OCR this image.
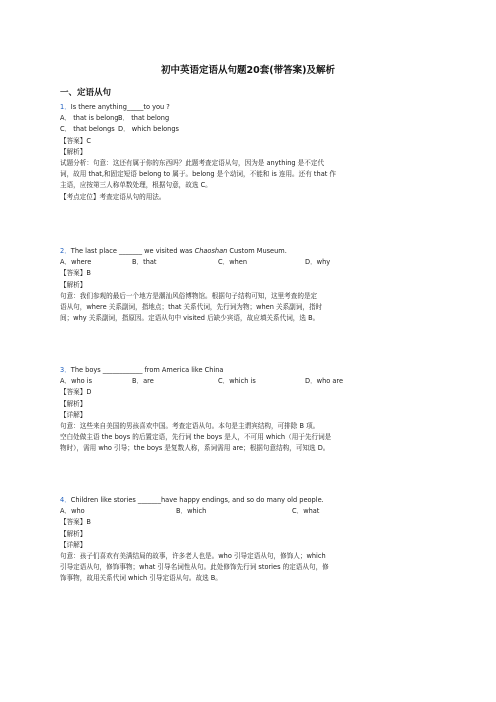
初中英语定语从句题20套(带答案)及解析
一、定语从句
1．Is there anything_____to you ?
A． that is belongB． that belong
C． that belongs D． which belongs
【答案】C
【解析】
试题分析：句意：这还有属于你的东西吗？此题考查定语从句，因为是 anything 是不定代
词，故用 that,和固定短语 belong to 属于。belong 是个动词，不能和 is 连用。还有 that 作
主语，应按第三人称单数处理，根据句意，故选 C。
【考点定位】考查定语从句的用法。
2．The last place _______ we visited was Chaoshan Custom Museum.
A．where	B．that	C．when	D．why
【答案】B
【解析】
句意：我们参观的最后一个地方是潮汕风俗博物馆。根据句子结构可知，这里考查的是定
语从句，where 关系副词，指地点；that 关系代词，先行词为物；when 关系副词，指时
间；why 关系副词，指原因。定语从句中 visited 后缺少宾语，故应填关系代词，选 B。
3．The boys ____________ from America like China
A．who is	B．are	C．which is	D．who are
【答案】D
【解析】
【详解】
句意：这些来自美国的男孩喜欢中国。考查定语从句。本句是主谓宾结构，可排除 B 项。
空白处做主语 the boys 的后置定语，先行词 the boys 是人，不可用 which（用于先行词是
物时），需用 who 引导；the boys 是复数人称，系词需用 are；根据句意结构，可知选 D。
4．Children like stories _______have happy endings, and so do many old people.
A．who	B．which	C．what
【答案】B
【解析】
【详解】
句意：孩子们喜欢有美满结局的故事，许多老人也是。who 引导定语从句，修饰人；which
引导定语从句，修饰事物；what 引导名词性从句。此处修饰先行词 stories 的定语从句，修
饰事物，故用关系代词 which 引导定语从句。故选 B。
